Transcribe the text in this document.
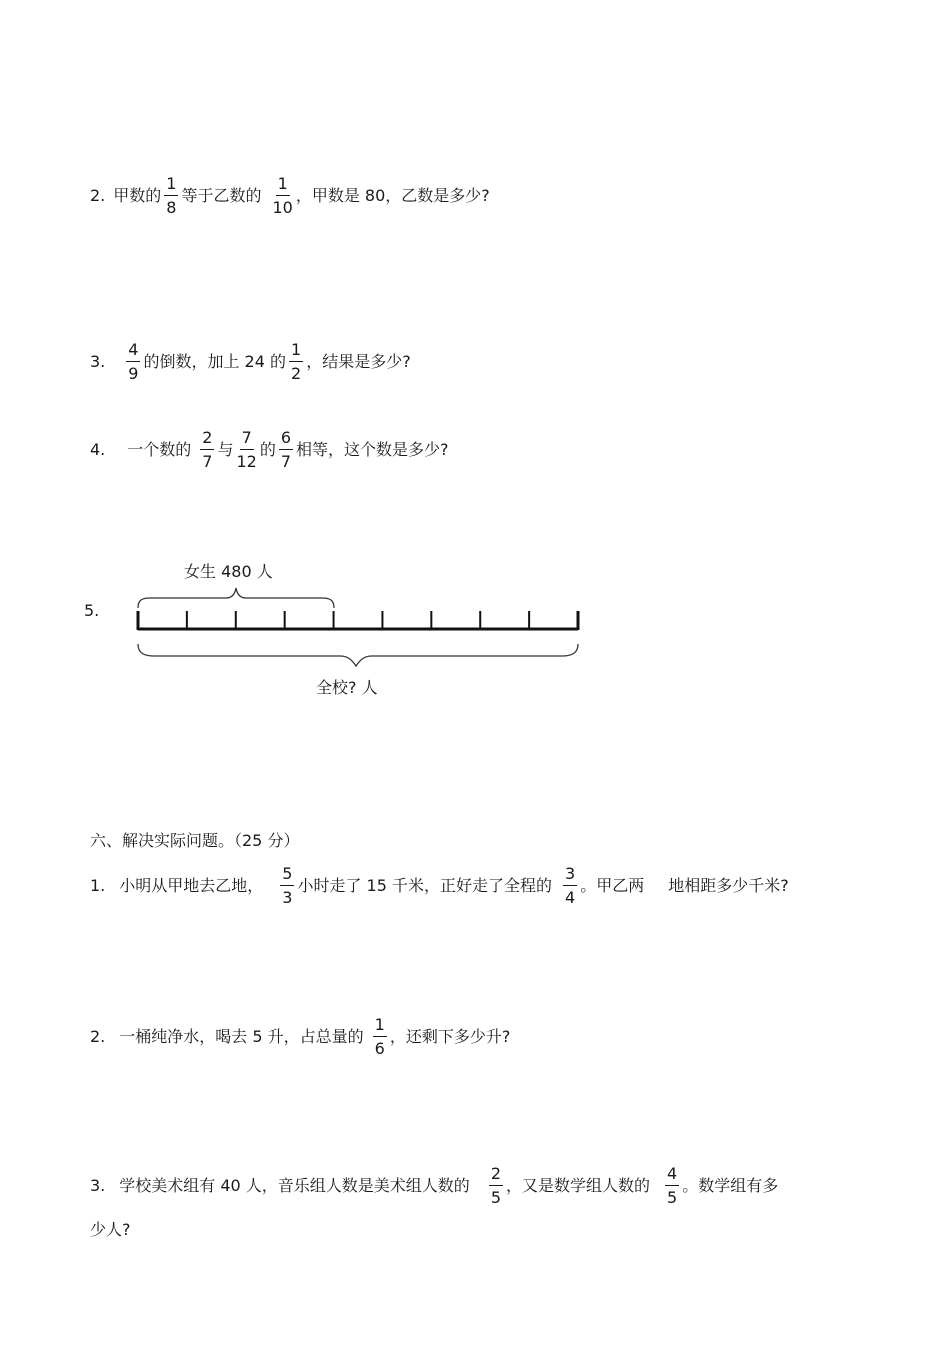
2. 甲数的 $\frac{1}{8}$ 等于乙数的 $\frac{1}{10}$ ，甲数是 80，乙数是多少?
3. $\frac{4}{9}$ 的倒数，加上 24 的 $\frac{1}{2}$ ，结果是多少?
4. 一个数的 $\frac{2}{7}$ 与 $\frac{7}{12}$ 的 $\frac{6}{7}$ 相等，这个数是多少?
5.
女生 480 人
全校? 人
六、解决实际问题。（25 分）
1. 小明从甲地去乙地， $\frac{5}{3}$ 小时走了 15 千米，正好走了全程的 $\frac{3}{4}$ 。甲乙两 地相距多少千米?
2. 一桶纯净水，喝去 5 升，占总量的 $\frac{1}{6}$ ，还剩下多少升?
3. 学校美术组有 40 人，音乐组人数是美术组人数的 $\frac{2}{5}$ ，又是数学组人数的 $\frac{4}{5}$ 。数学组有多
少人?
